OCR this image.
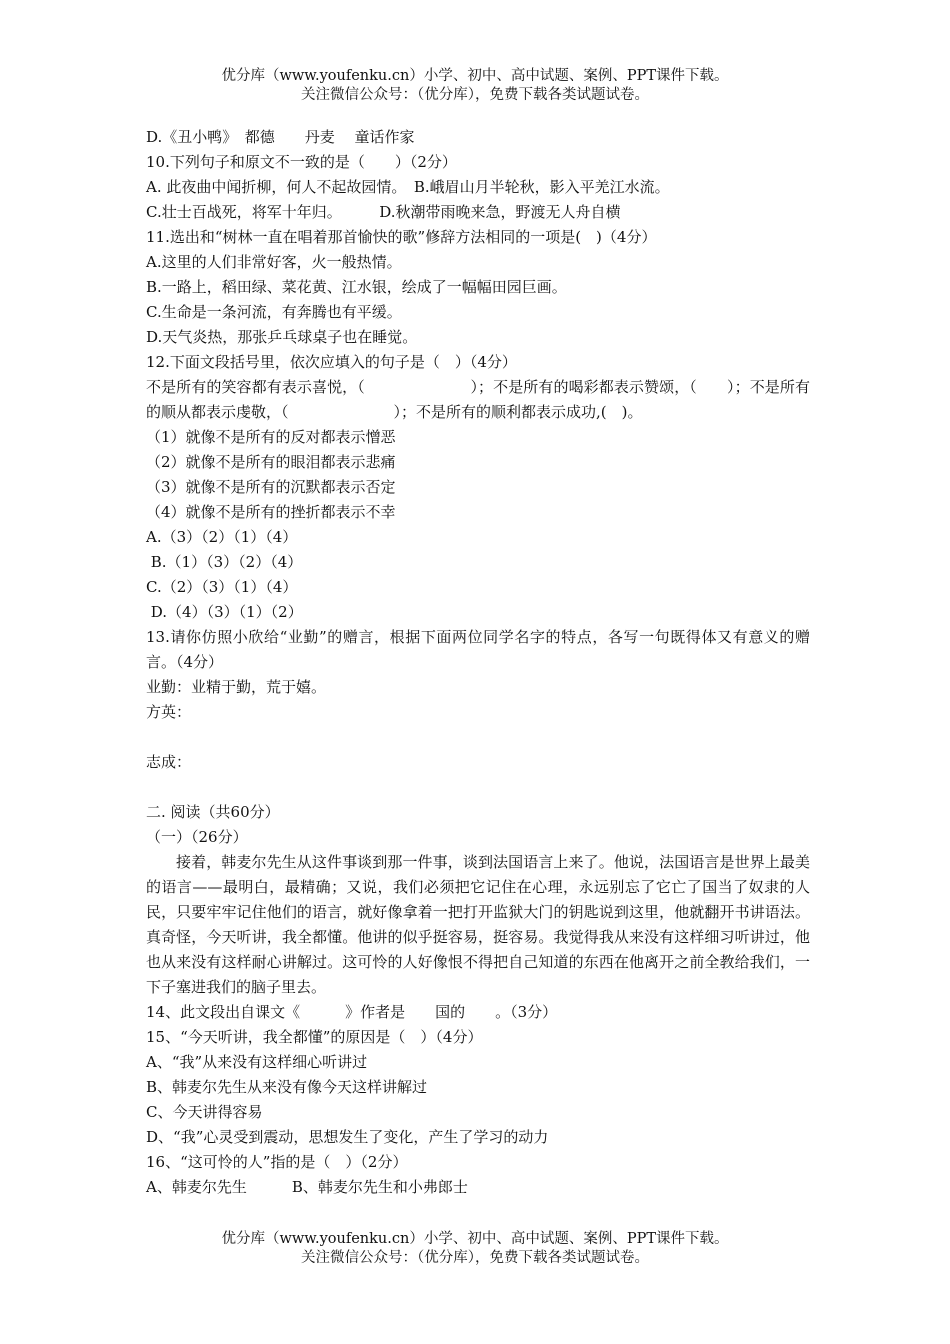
优分库（www.youfenku.cn）小学、初中、高中试题、案例、PPT课件下载。
关注微信公众号：（优分库），免费下载各类试题试卷。
D.《丑小鸭》　都德　　丹麦　 童话作家
10.下列句子和原文不一致的是（　　）（2分）
A. 此夜曲中闻折柳，何人不起故园情。　B.峨眉山月半轮秋，影入平羌江水流。
C.壮士百战死，将军十年归。　　　D.秋潮带雨晚来急，野渡无人舟自横
11.选出和“树林一直在唱着那首愉快的歌”修辞方法相同的一项是(　)（4分）
A.这里的人们非常好客，火一般热情。
B.一路上，稻田绿、菜花黄、江水银，绘成了一幅幅田园巨画。
C.生命是一条河流，有奔腾也有平缓。
D.天气炎热，那张乒乓球桌子也在睡觉。
12.下面文段括号里，依次应填入的句子是（　）（4分）
不是所有的笑容都有表示喜悦，（　　　　　　　）；不是所有的喝彩都表示赞颂，（　　）；不是所有的顺从都表示虔敬，（　　　　　　　）；不是所有的顺利都表示成功,(　)。
（1）就像不是所有的反对都表示憎恶
（2）就像不是所有的眼泪都表示悲痛
（3）就像不是所有的沉默都表示否定
（4）就像不是所有的挫折都表示不幸
A.（3）（2）（1）（4）
B.（1）（3）（2）（4）
C.（2）（3）（1）（4）
D.（4）（3）（1）（2）
13.请你仿照小欣给“业勤”的赠言，根据下面两位同学名字的特点，各写一句既得体又有意义的赠言。（4分）
业勤：业精于勤，荒于嬉。
方英：
志成：
二. 阅读（共60分）
（一）（26分）
接着，韩麦尔先生从这件事谈到那一件事，谈到法国语言上来了。他说，法国语言是世界上最美的语言——最明白，最精确；又说，我们必须把它记住在心理，永远别忘了它亡了国当了奴隶的人民，只要牢牢记住他们的语言，就好像拿着一把打开监狱大门的钥匙说到这里，他就翻开书讲语法。真奇怪，今天听讲，我全都懂。他讲的似乎挺容易，挺容易。我觉得我从来没有这样细习听讲过，他也从来没有这样耐心讲解过。这可怜的人好像恨不得把自己知道的东西在他离开之前全教给我们，一下子塞进我们的脑子里去。
14、此文段出自课文《　　　》作者是　　国的　　。（3分）
15、“今天听讲，我全都懂”的原因是（　）（4分）
A、“我”从来没有这样细心听讲过
B、韩麦尔先生从来没有像今天这样讲解过
C、今天讲得容易
D、“我”心灵受到震动，思想发生了变化，产生了学习的动力
16、“这可怜的人”指的是（　）（2分）
A、韩麦尔先生　　　B、韩麦尔先生和小弗郎士
优分库（www.youfenku.cn）小学、初中、高中试题、案例、PPT课件下载。
关注微信公众号：（优分库），免费下载各类试题试卷。
